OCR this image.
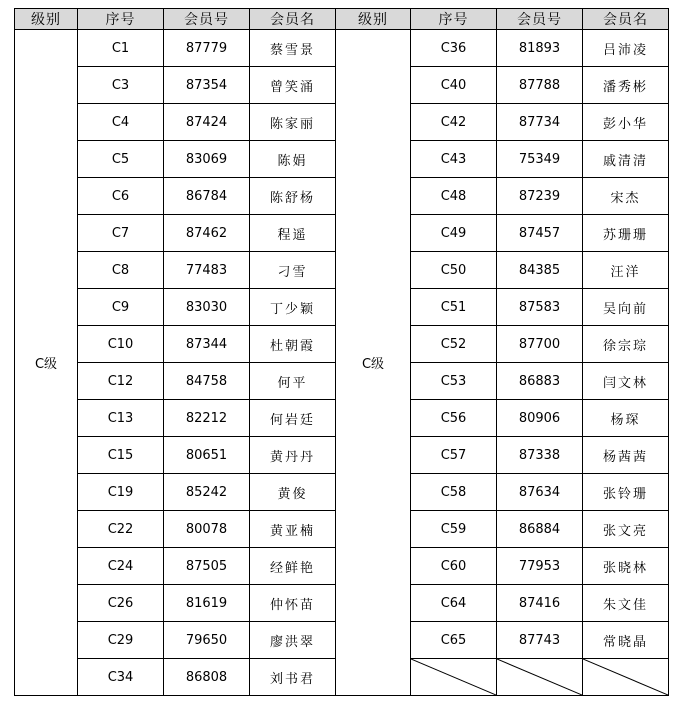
级别	序号	会员号	会员名	级别	序号	会员号	会员名
C级	C1	87779	蔡雪景	C级	C36	81893	吕沛凌
	C3	87354	曾笑涌		C40	87788	潘秀彬
	C4	87424	陈家丽		C42	87734	彭小华
	C5	83069	陈娟		C43	75349	戚清清
	C6	86784	陈舒杨		C48	87239	宋杰
	C7	87462	程遥		C49	87457	苏珊珊
	C8	77483	刁雪		C50	84385	汪洋
	C9	83030	丁少颖		C51	87583	吴向前
	C10	87344	杜朝霞		C52	87700	徐宗琮
	C12	84758	何平		C53	86883	闫文林
	C13	82212	何岩廷		C56	80906	杨琛
	C15	80651	黄丹丹		C57	87338	杨茜茜
	C19	85242	黄俊		C58	87634	张铃珊
	C22	80078	黄亚楠		C59	86884	张文亮
	C24	87505	经鲜艳		C60	77953	张晓林
	C26	81619	仲怀苗		C64	87416	朱文佳
	C29	79650	廖洪翠		C65	87743	常晓晶
	C34	86808	刘书君	
